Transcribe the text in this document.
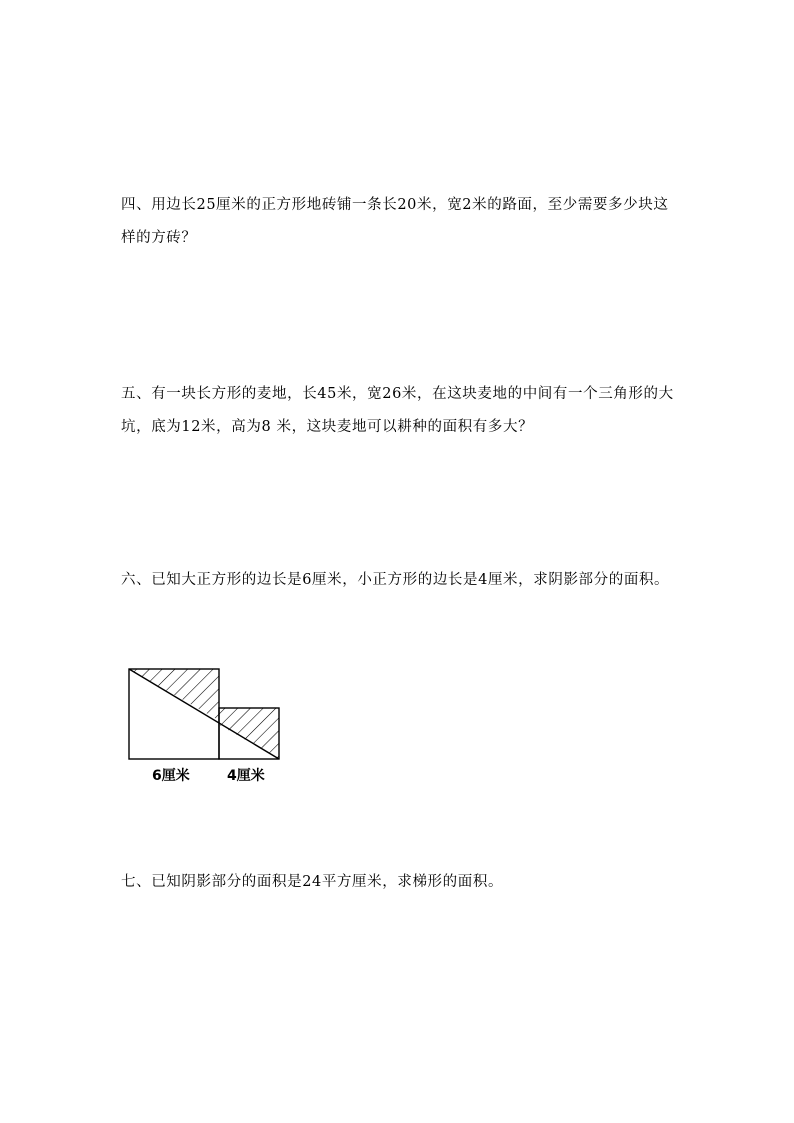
四、用边长25厘米的正方形地砖铺一条长20米，宽2米的路面，至少需要多少块这样的方砖？

五、有一块长方形的麦地，长45米，宽26米，在这块麦地的中间有一个三角形的大坑，底为12米，高为8 米，这块麦地可以耕种的面积有多大？

六、已知大正方形的边长是6厘米，小正方形的边长是4厘米，求阴影部分的面积。

6厘米	4厘米

七、已知阴影部分的面积是24平方厘米，求梯形的面积。
